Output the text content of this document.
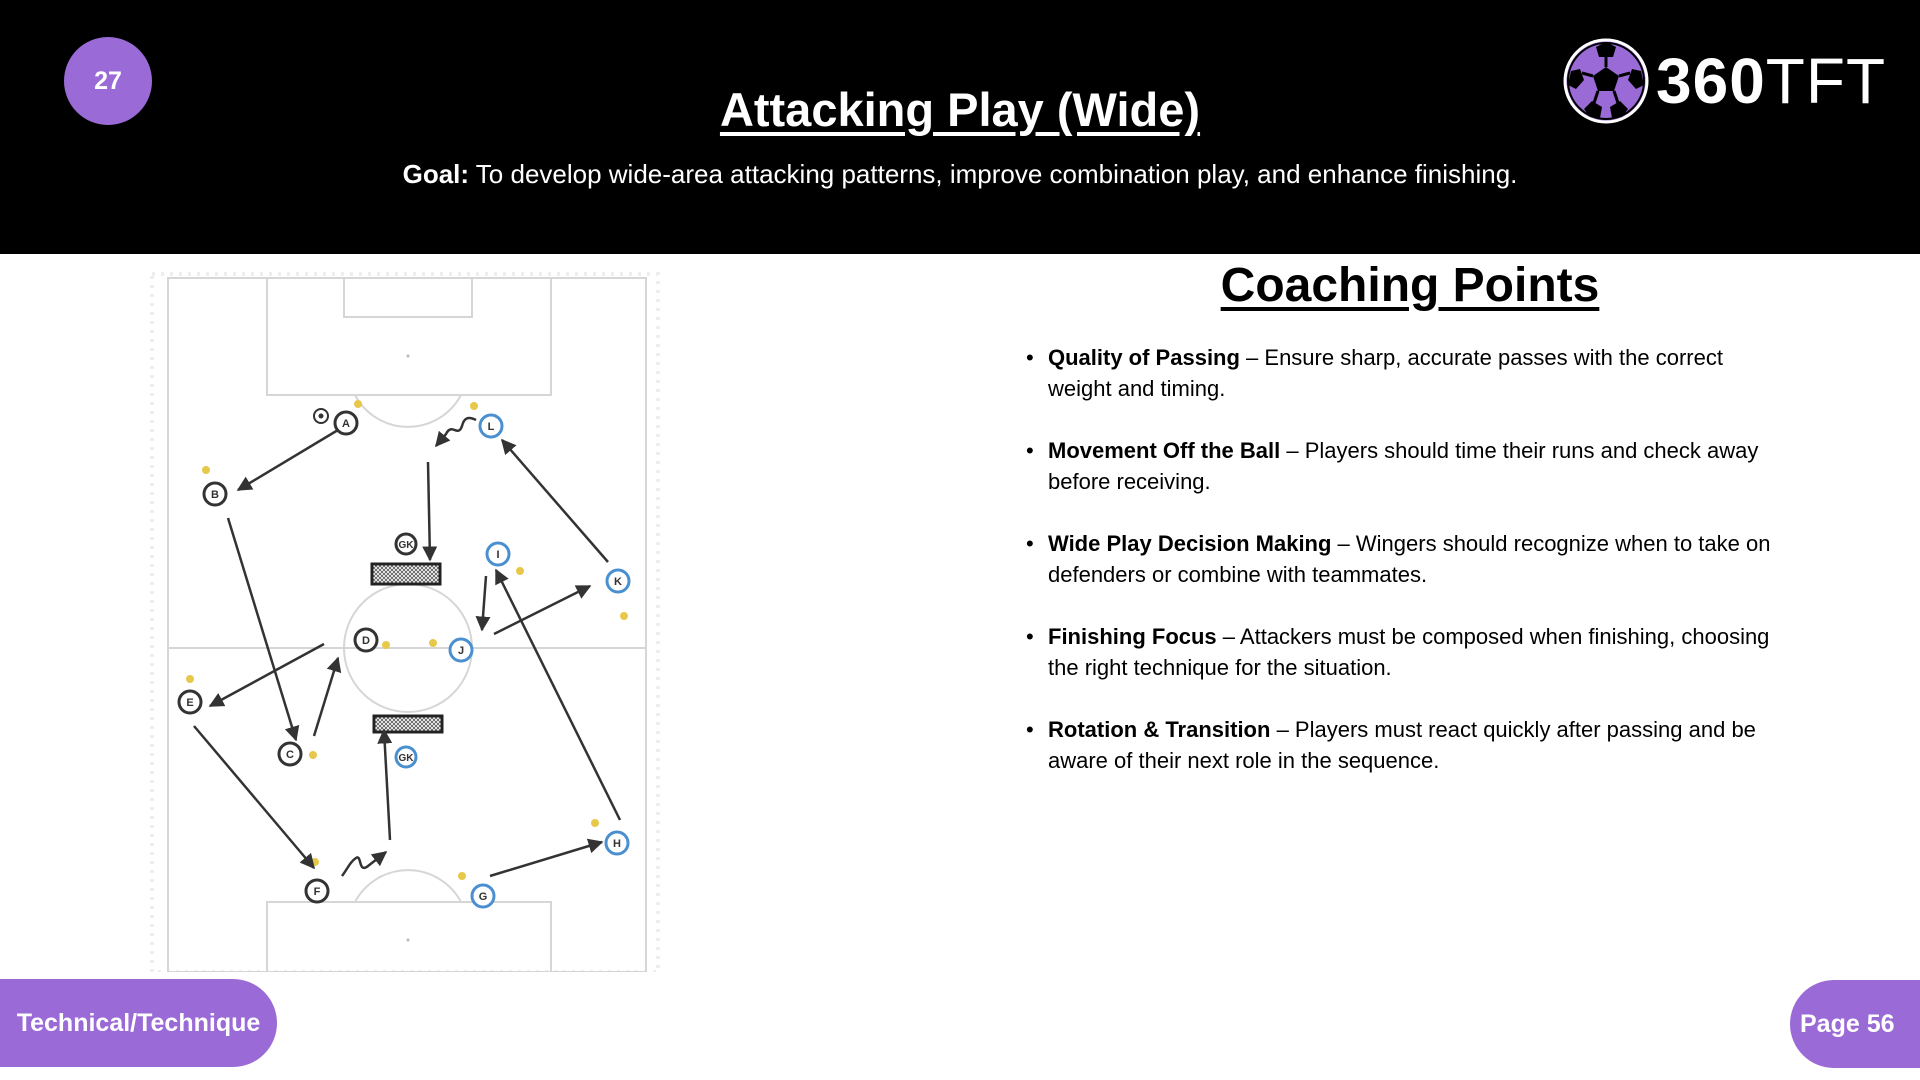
27
Attacking Play (Wide)
Goal: To develop wide-area attacking patterns, improve combination play, and enhance finishing.
360TFT
GK
GK
A
B
C
D
E
F	G
H
I
J
K
L
Coaching Points
• Quality of Passing – Ensure sharp, accurate passes with the correct weight and timing.
• Movement Off the Ball – Players should time their runs and check away before receiving.
• Wide Play Decision Making – Wingers should recognize when to take on defenders or combine with teammates.
• Finishing Focus – Attackers must be composed when finishing, choosing the right technique for the situation.
• Rotation & Transition – Players must react quickly after passing and be aware of their next role in the sequence.
Technical/Technique	Page 56
